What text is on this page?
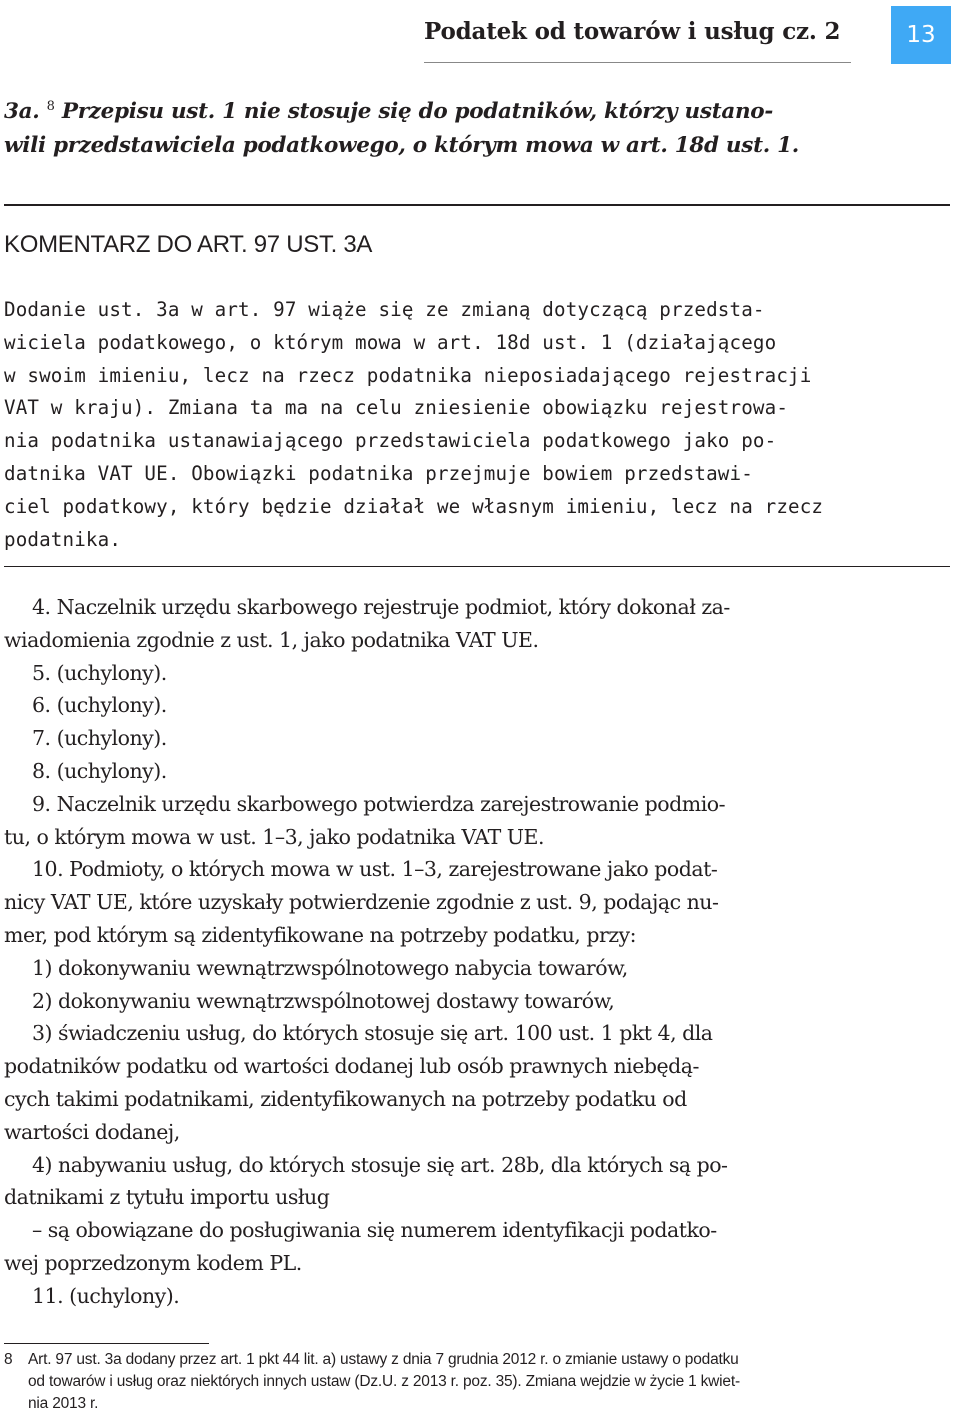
Podatek od towarów i usług cz. 2	13
3a. $^8$ Przepisu ust. 1 nie stosuje się do podatników, którzy ustano-
wili przedstawiciela podatkowego, o którym mowa w art. 18d ust. 1.
KOMENTARZ DO ART. 97 UST. 3A
Dodanie ust. 3a w art. 97 wiąże się ze zmianą dotyczącą przedsta-
wiciela podatkowego, o którym mowa w art. 18d ust. 1 (działającego
w swoim imieniu, lecz na rzecz podatnika nieposiadającego rejestracji
VAT w kraju). Zmiana ta ma na celu zniesienie obowiązku rejestrowa-
nia podatnika ustanawiającego przedstawiciela podatkowego jako po-
datnika VAT UE. Obowiązki podatnika przejmuje bowiem przedstawi-
ciel podatkowy, który będzie działał we własnym imieniu, lecz na rzecz
podatnika.
4. Naczelnik urzędu skarbowego rejestruje podmiot, który dokonał za-
wiadomienia zgodnie z ust. 1, jako podatnika VAT UE.
5. (uchylony).
6. (uchylony).
7. (uchylony).
8. (uchylony).
9. Naczelnik urzędu skarbowego potwierdza zarejestrowanie podmio-
tu, o którym mowa w ust. 1–3, jako podatnika VAT UE.
10. Podmioty, o których mowa w ust. 1–3, zarejestrowane jako podat-
nicy VAT UE, które uzyskały potwierdzenie zgodnie z ust. 9, podając nu-
mer, pod którym są zidentyfikowane na potrzeby podatku, przy:
1) dokonywaniu wewnątrzwspólnotowego nabycia towarów,
2) dokonywaniu wewnątrzwspólnotowej dostawy towarów,
3) świadczeniu usług, do których stosuje się art. 100 ust. 1 pkt 4, dla
podatników podatku od wartości dodanej lub osób prawnych niebędą-
cych takimi podatnikami, zidentyfikowanych na potrzeby podatku od
wartości dodanej,
4) nabywaniu usług, do których stosuje się art. 28b, dla których są po-
datnikami z tytułu importu usług
– są obowiązane do posługiwania się numerem identyfikacji podatko-
wej poprzedzonym kodem PL.
11. (uchylony).
8 Art. 97 ust. 3a dodany przez art. 1 pkt 44 lit. a) ustawy z dnia 7 grudnia 2012 r. o zmianie ustawy o podatku
od towarów i usług oraz niektórych innych ustaw (Dz.U. z 2013 r. poz. 35). Zmiana wejdzie w życie 1 kwiet-
nia 2013 r.
